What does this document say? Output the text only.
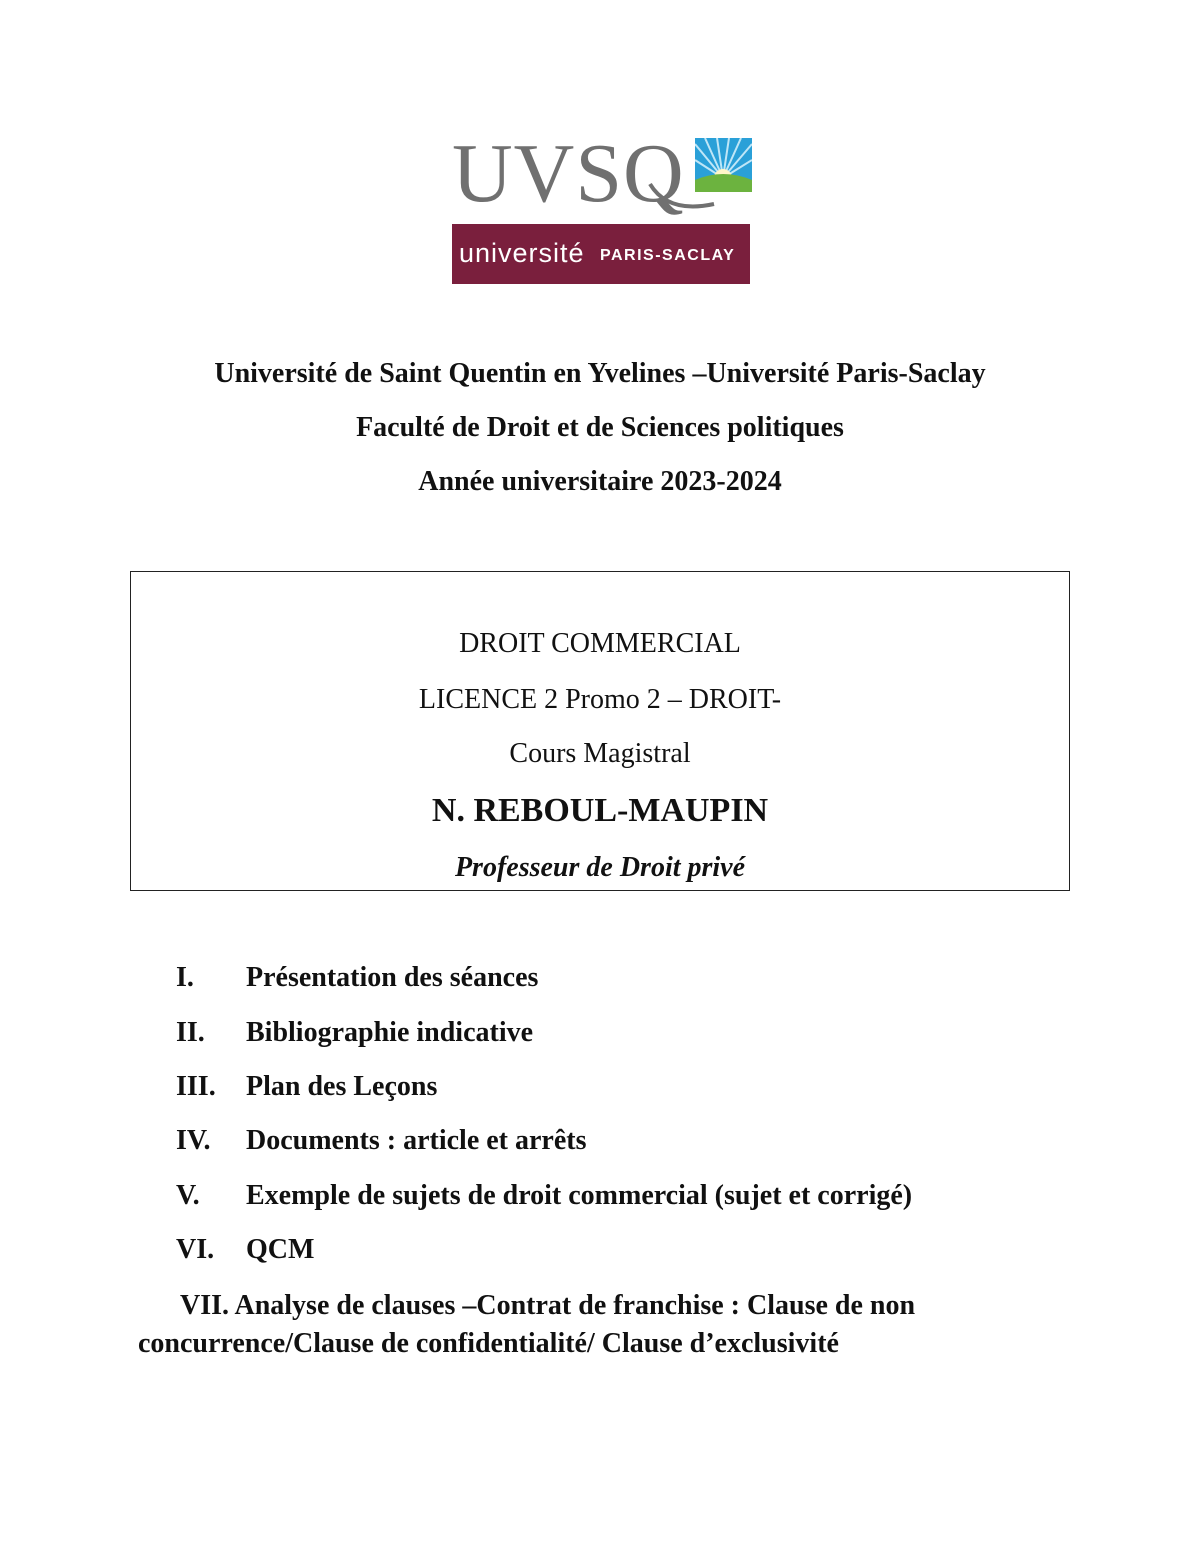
UVSQ
université PARIS-SACLAY
Université de Saint Quentin en Yvelines –Université Paris-Saclay
Faculté de Droit et de Sciences politiques
Année universitaire 2023-2024
DROIT COMMERCIAL
LICENCE 2 Promo 2 – DROIT-
Cours Magistral
N. REBOUL-MAUPIN
Professeur de Droit privé
I. Présentation des séances
II. Bibliographie indicative
III. Plan des Leçons
IV. Documents : article et arrêts
V. Exemple de sujets de droit commercial (sujet et corrigé)
VI. QCM
VII. Analyse de clauses –Contrat de franchise : Clause de non concurrence/Clause de confidentialité/ Clause d’exclusivité
